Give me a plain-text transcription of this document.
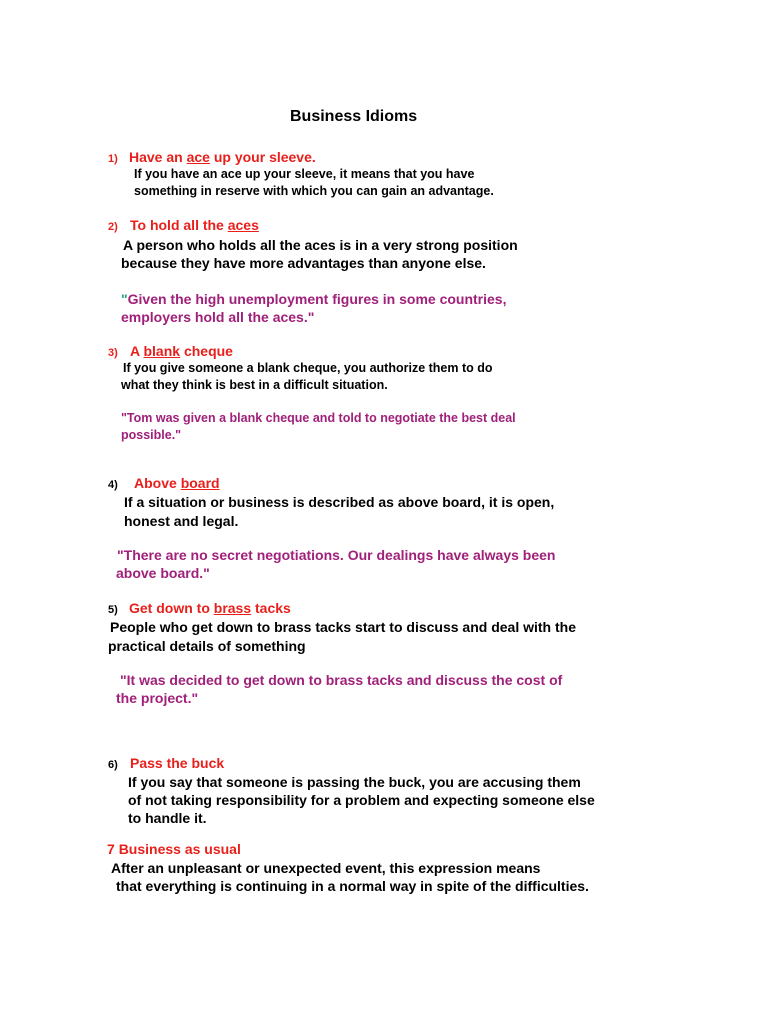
Business Idioms
1) Have an ace up your sleeve.
If you have an ace up your sleeve, it means that you have
something in reserve with which you can gain an advantage.
2) To hold all the aces
A person who holds all the aces is in a very strong position
because they have more advantages than anyone else.
"Given the high unemployment figures in some countries,
employers hold all the aces."
3) A blank cheque
If you give someone a blank cheque, you authorize them to do
what they think is best in a difficult situation.
"Tom was given a blank cheque and told to negotiate the best deal
possible."
4) Above board
If a situation or business is described as above board, it is open,
honest and legal.
"There are no secret negotiations. Our dealings have always been
above board."
5) Get down to brass tacks
People who get down to brass tacks start to discuss and deal with the
practical details of something
"It was decided to get down to brass tacks and discuss the cost of
the project."
6) Pass the buck
If you say that someone is passing the buck, you are accusing them
of not taking responsibility for a problem and expecting someone else
to handle it.
7 Business as usual
After an unpleasant or unexpected event, this expression means
that everything is continuing in a normal way in spite of the difficulties.
